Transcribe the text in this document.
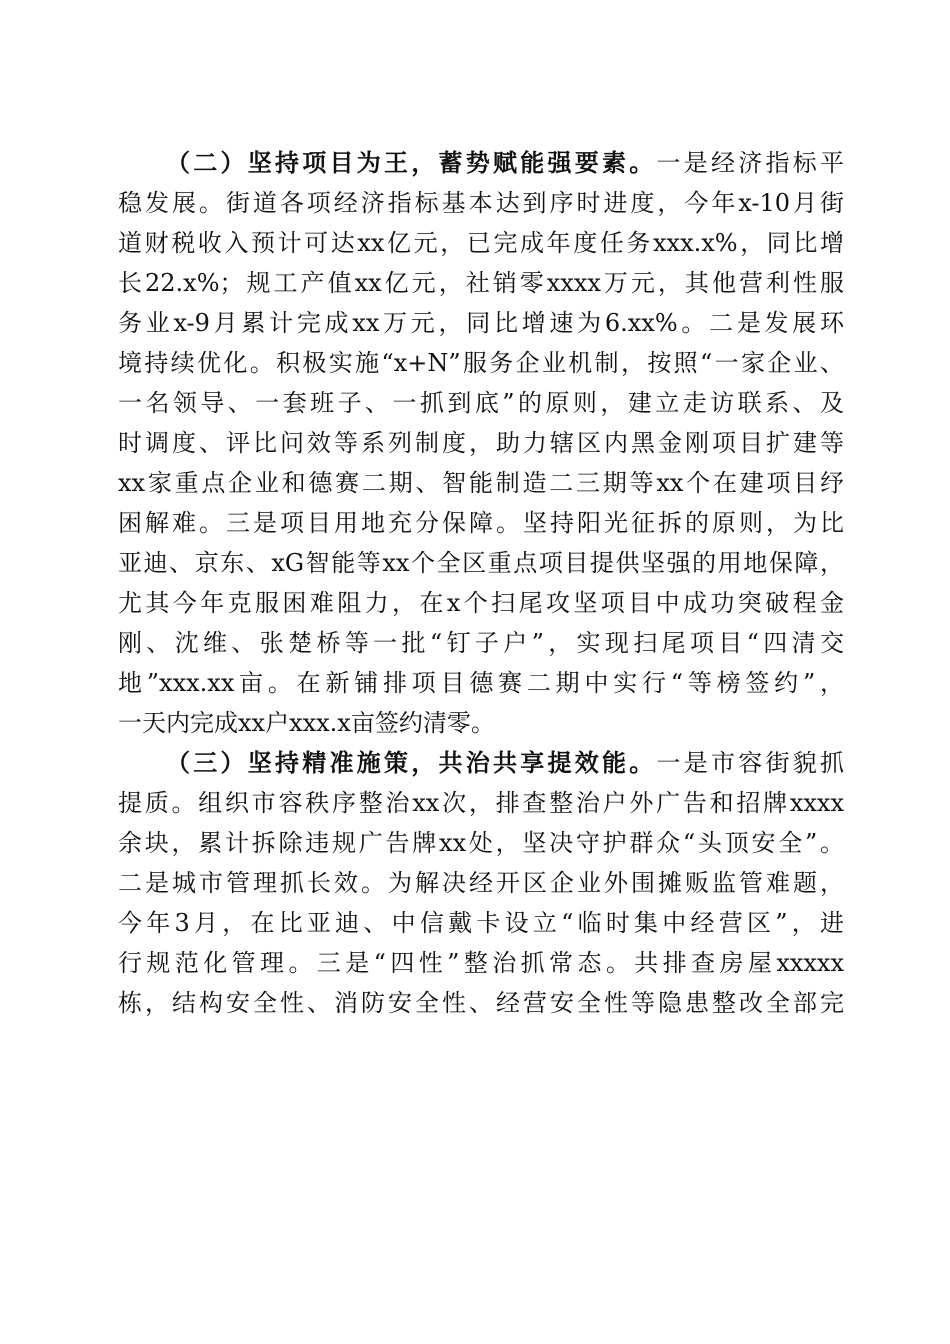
（二）坚持项目为王，蓄势赋能强要素。一是经济指标平
稳发展。街道各项经济指标基本达到序时进度，今年x-10月街
道财税收入预计可达xx亿元，已完成年度任务xxx.x%，同比增
长22.x%；规工产值xx亿元，社销零xxxx万元，其他营利性服
务业x-9月累计完成xx万元，同比增速为6.xx%。二是发展环
境持续优化。积极实施“x+N”服务企业机制，按照“一家企业、
一名领导、一套班子、一抓到底”的原则，建立走访联系、及
时调度、评比问效等系列制度，助力辖区内黑金刚项目扩建等
xx家重点企业和德赛二期、智能制造二三期等xx个在建项目纾
困解难。三是项目用地充分保障。坚持阳光征拆的原则，为比
亚迪、京东、xG智能等xx个全区重点项目提供坚强的用地保障，
尤其今年克服困难阻力，在x个扫尾攻坚项目中成功突破程金
刚、沈维、张楚桥等一批“钉子户”，实现扫尾项目“四清交
地”xxx.xx亩。在新铺排项目德赛二期中实行“等榜签约”，
一天内完成xx户xxx.x亩签约清零。
（三）坚持精准施策，共治共享提效能。一是市容街貌抓
提质。组织市容秩序整治xx次，排查整治户外广告和招牌xxxx
余块，累计拆除违规广告牌xx处，坚决守护群众“头顶安全”。
二是城市管理抓长效。为解决经开区企业外围摊贩监管难题，
今年3月，在比亚迪、中信戴卡设立“临时集中经营区”，进
行规范化管理。三是“四性”整治抓常态。共排查房屋xxxxx
栋，结构安全性、消防安全性、经营安全性等隐患整改全部完
